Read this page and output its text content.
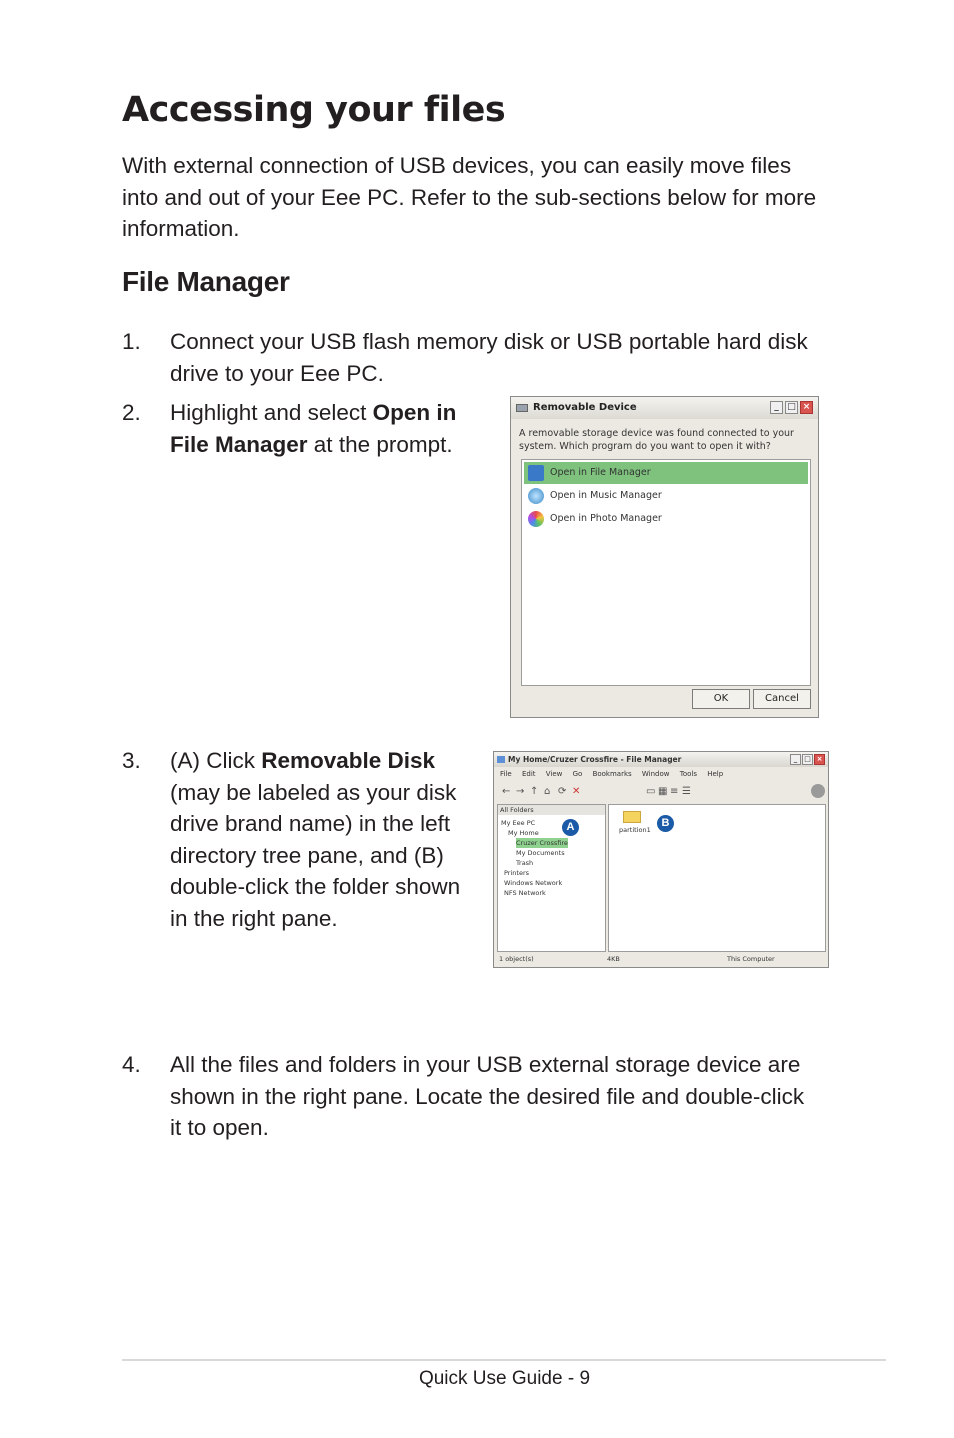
Accessing your files
With external connection of USB devices, you can easily move files
into and out of your Eee PC. Refer to the sub-sections below for more
information.
File Manager
1. Connect your USB flash memory disk or USB portable hard disk
drive to your Eee PC.
2. Highlight and select Open in
File Manager at the prompt.
Removable Device	_ □ ×
A removable storage device was found connected to your system. Which program do you want to open it with?
Open in File Manager
Open in Music Manager
Open in Photo Manager
OK	Cancel
3. (A) Click Removable Disk
(may be labeled as your disk
drive brand name) in the left
directory tree pane, and (B)
double-click the folder shown
in the right pane.
My Home/Cruzer Crossfire - File Manager	_ □ ×
File Edit View Go Bookmarks Window Tools Help
← → ↑ ⌂ ⟳ ✕	▭ ▦ ≡ ☰
All Folders
My Eee PC
My Home
Cruzer Crossfire
My Documents
Trash
Printers
Windows Network
NFS Network
partition1
1 object(s)	4KB	This Computer
A	B
4. All the files and folders in your USB external storage device are
shown in the right pane. Locate the desired file and double-click
it to open.
Quick Use Guide - 9
